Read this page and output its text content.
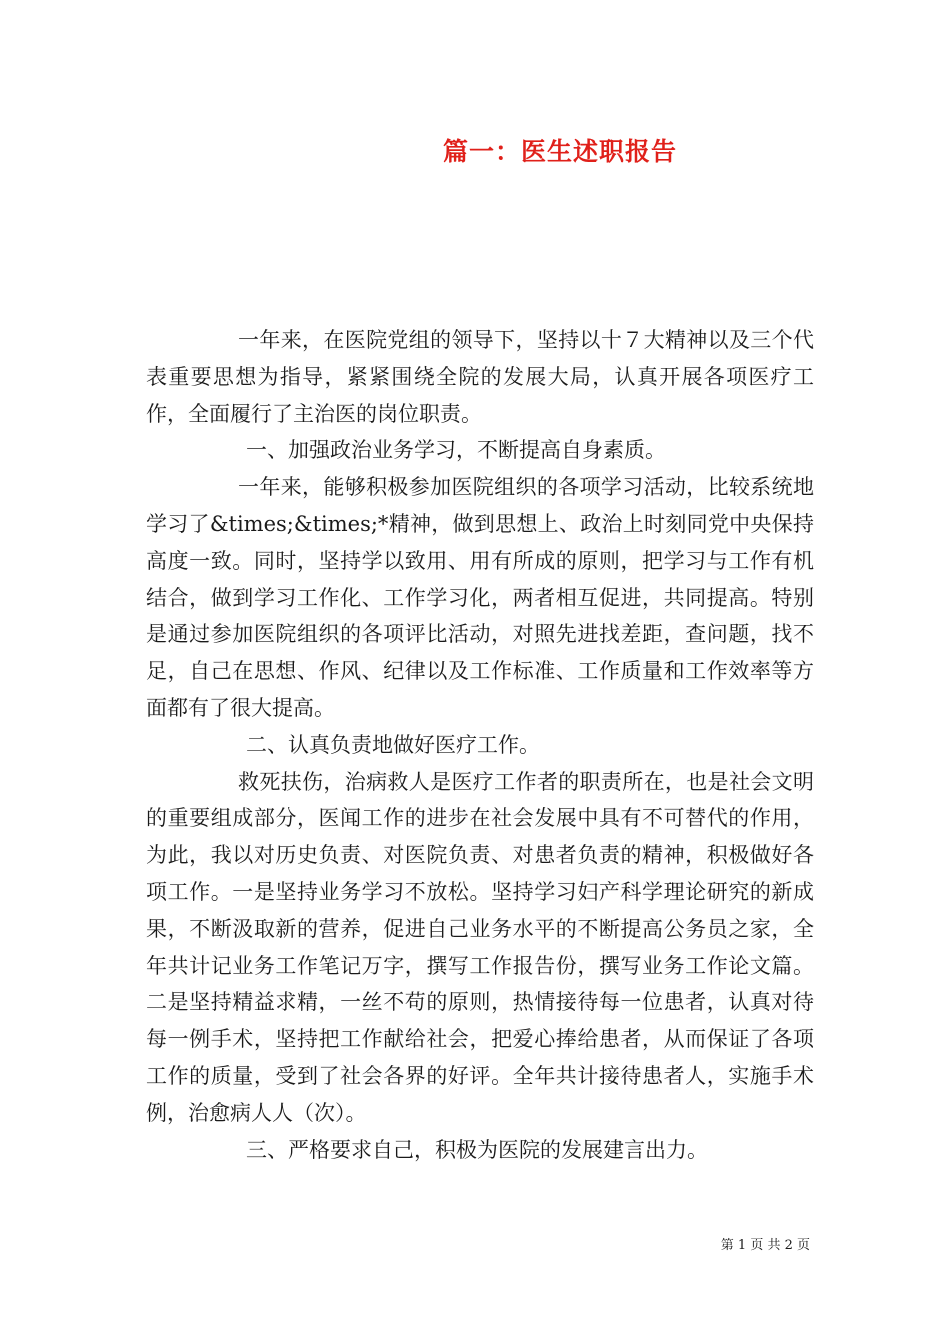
篇一：医生述职报告

一年来，在医院党组的领导下，坚持以十７大精神以及三个代表重要思想为指导，紧紧围绕全院的发展大局，认真开展各项医疗工作，全面履行了主治医的岗位职责。

一、加强政治业务学习，不断提高自身素质。

一年来，能够积极参加医院组织的各项学习活动，比较系统地学习了&times;&times;*精神，做到思想上、政治上时刻同党中央保持高度一致。同时，坚持学以致用、用有所成的原则，把学习与工作有机结合，做到学习工作化、工作学习化，两者相互促进，共同提高。特别是通过参加医院组织的各项评比活动，对照先进找差距，查问题，找不足，自己在思想、作风、纪律以及工作标准、工作质量和工作效率等方面都有了很大提高。

二、认真负责地做好医疗工作。

救死扶伤，治病救人是医疗工作者的职责所在，也是社会文明的重要组成部分，医闻工作的进步在社会发展中具有不可替代的作用，为此，我以对历史负责、对医院负责、对患者负责的精神，积极做好各项工作。一是坚持业务学习不放松。坚持学习妇产科学理论研究的新成果，不断汲取新的营养，促进自己业务水平的不断提高公务员之家，全年共计记业务工作笔记万字，撰写工作报告份，撰写业务工作论文篇。二是坚持精益求精，一丝不苟的原则，热情接待每一位患者，认真对待每一例手术，坚持把工作献给社会，把爱心捧给患者，从而保证了各项工作的质量，受到了社会各界的好评。全年共计接待患者人，实施手术例，治愈病人人（次）。

三、严格要求自己，积极为医院的发展建言出力。

第 1 页 共 2 页
